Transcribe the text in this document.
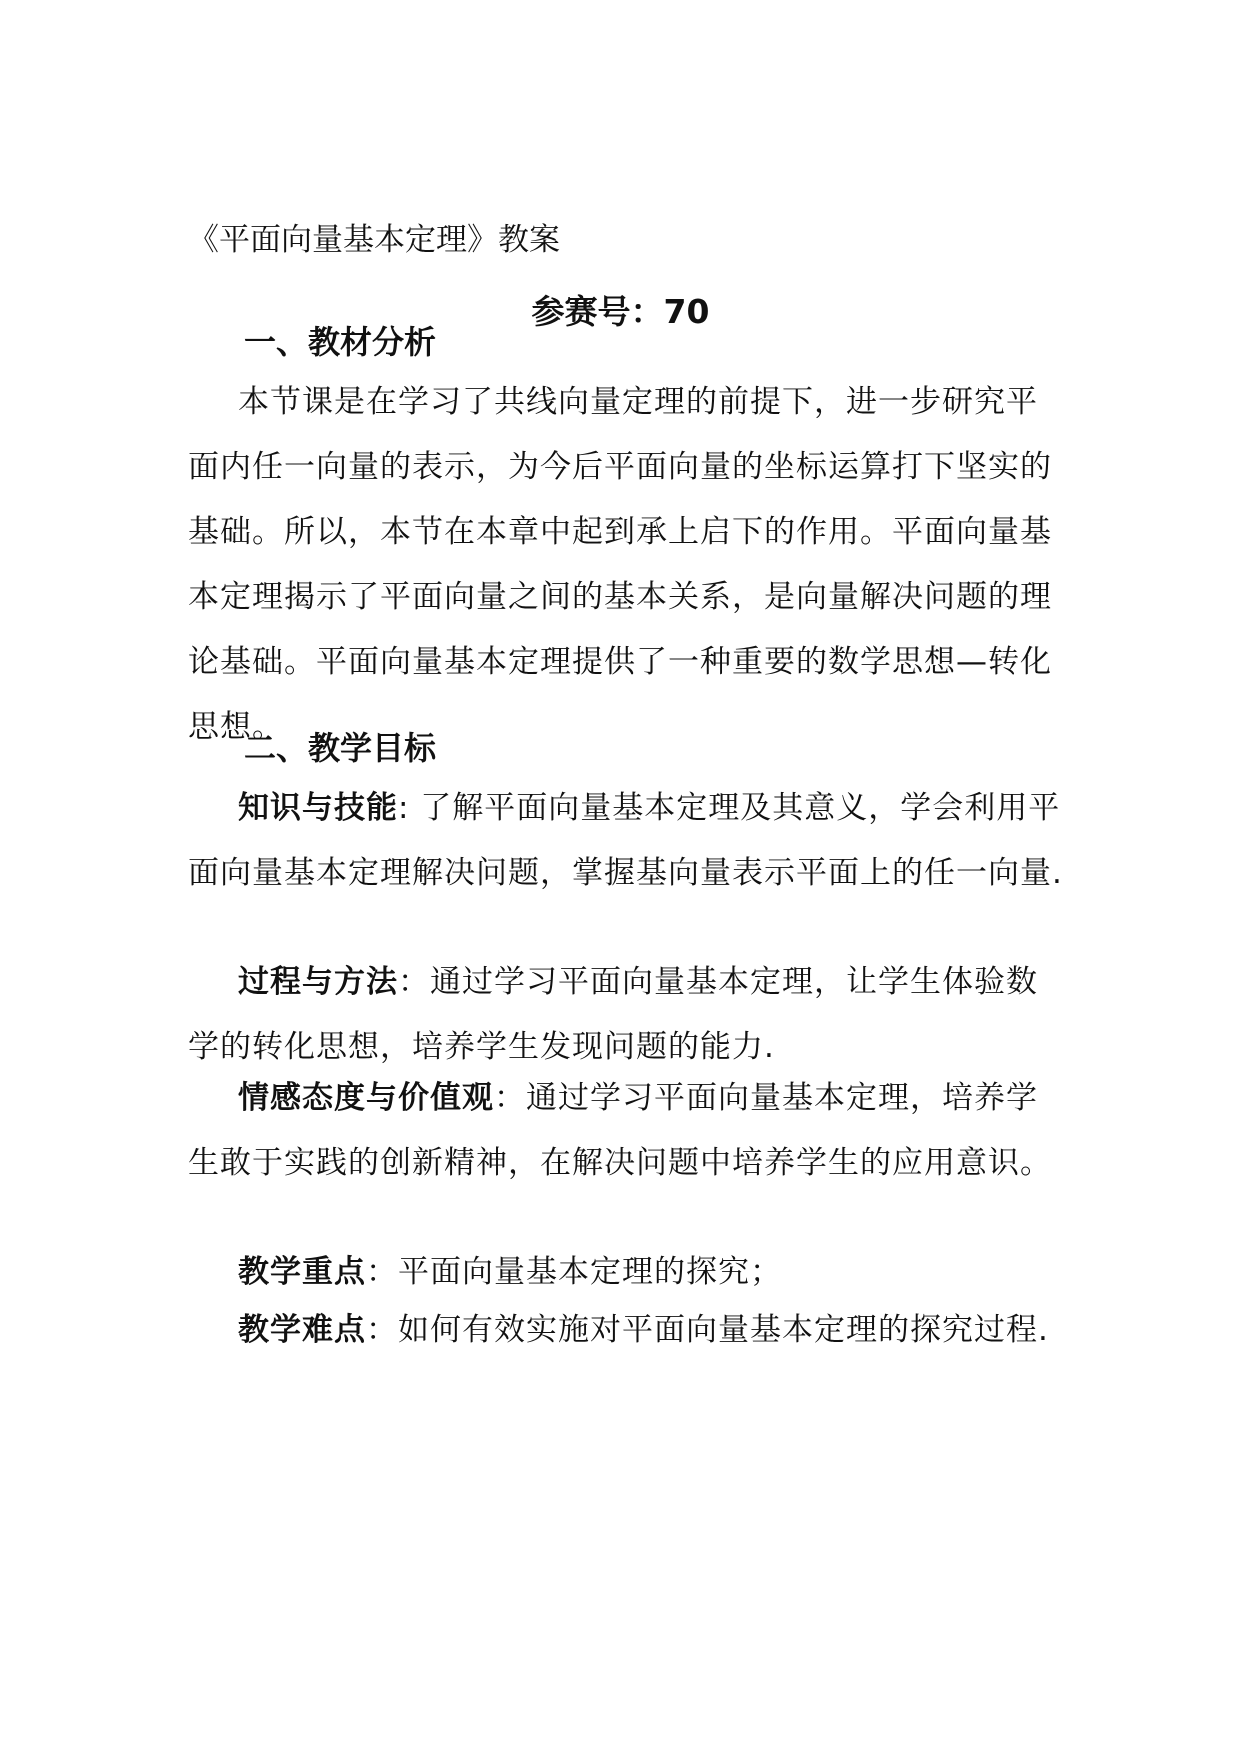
《平面向量基本定理》教案
参赛号：70
一、教材分析

本节课是在学习了共线向量定理的前提下，进一步研究平面内任一向量的表示，为今后平面向量的坐标运算打下坚实的基础。所以，本节在本章中起到承上启下的作用。平面向量基本定理揭示了平面向量之间的基本关系，是向量解决问题的理论基础。平面向量基本定理提供了一种重要的数学思想—转化思想。

二、教学目标

知识与技能: 了解平面向量基本定理及其意义，学会利用平面向量基本定理解决问题，掌握基向量表示平面上的任一向量.

过程与方法：通过学习平面向量基本定理，让学生体验数学的转化思想，培养学生发现问题的能力.

情感态度与价值观：通过学习平面向量基本定理，培养学生敢于实践的创新精神，在解决问题中培养学生的应用意识。

教学重点：平面向量基本定理的探究；

教学难点：如何有效实施对平面向量基本定理的探究过程.
